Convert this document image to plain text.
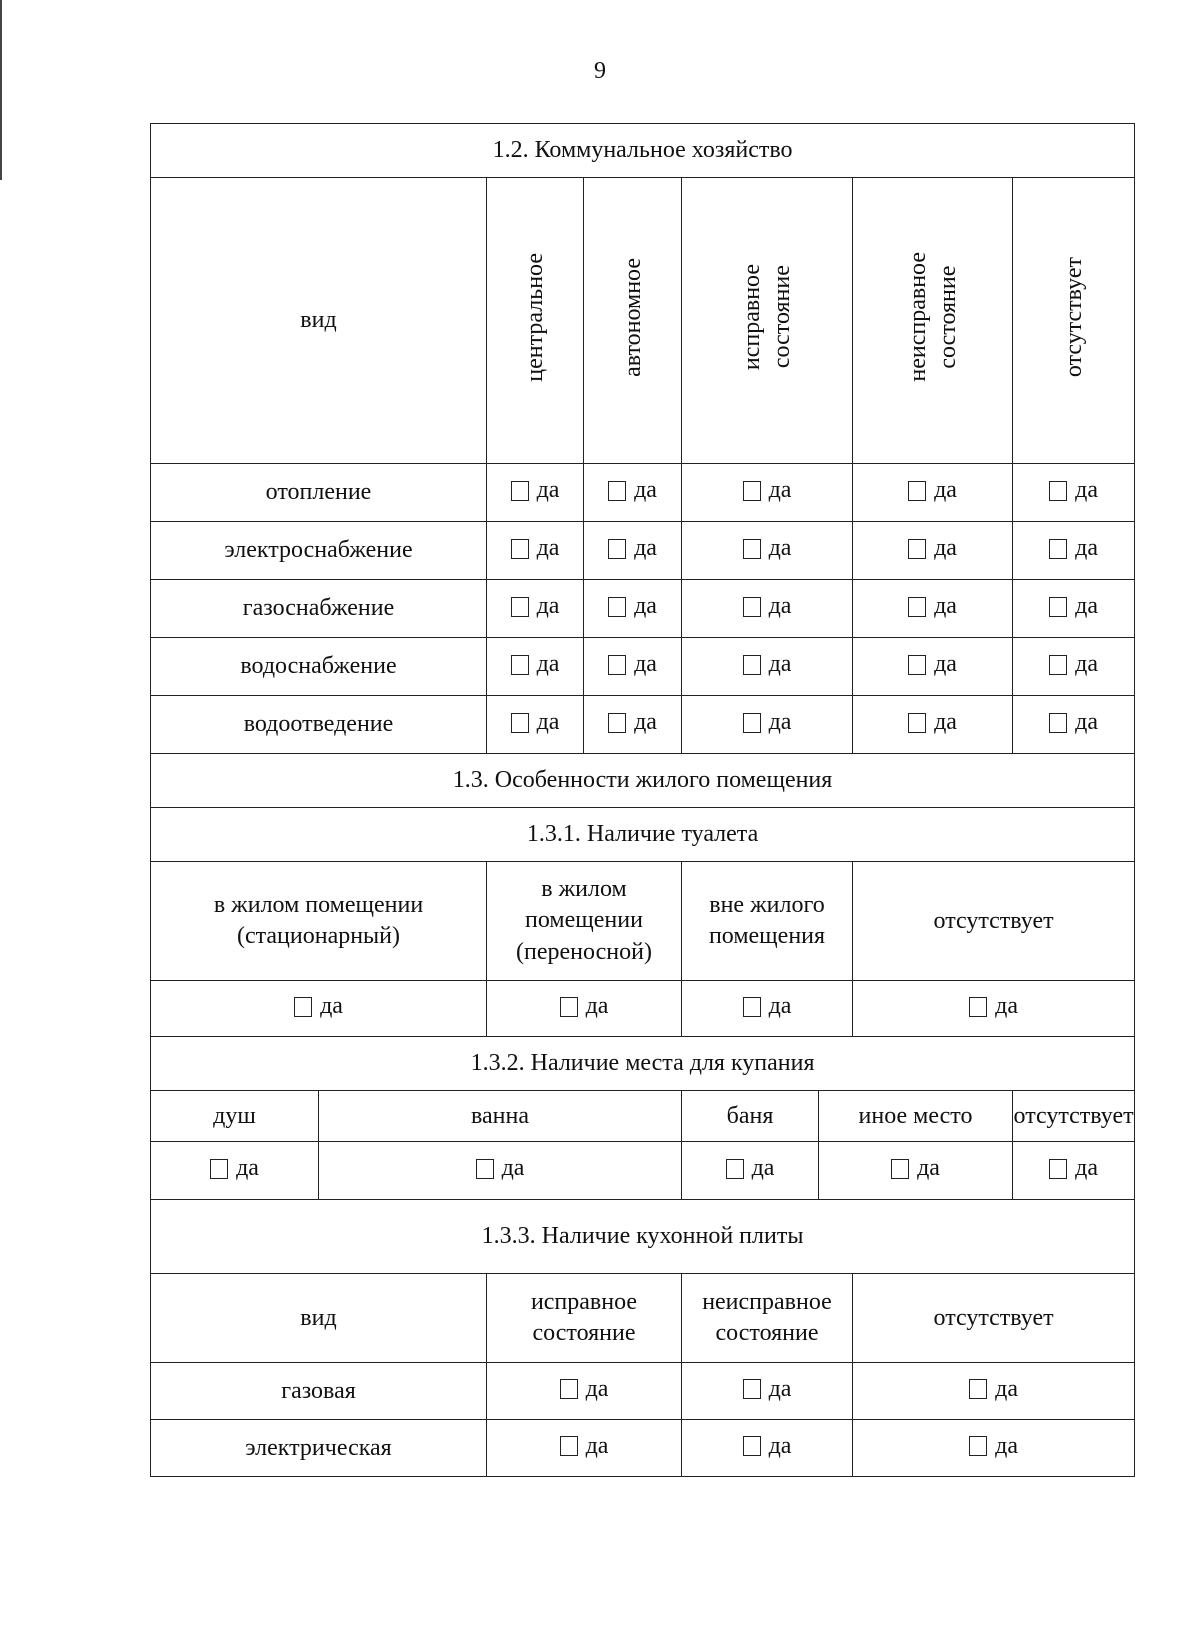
9
1.2. Коммунальное хозяйство							
вид		центральное	автономное	исправное состояние		неисправное состояние	отсутствует
отопление		да	да	да		да	да

электроснабжение		да	да	да		да	да

газоснабжение		да	да	да		да	да

водоснабжение		да	да	да		да	да

водоотведение		да	да	да		да	да

1.3. Особенности жилого помещения							
1.3.1. Наличие туалета							
в жилом помещении (стационарный)		в жилом помещении (переносной)		вне жилого помещения		отсутствует	

да		да		да		да	

1.3.2. Наличие места для купания							
душ	ванна			баня	иное место		отсутствует

да	да			да	да		да

1.3.3. Наличие кухонной плиты							
вид		исправное состояние		неисправное состояние		отсутствует	
газовая		да		да		да	

электрическая		да		да		да	
